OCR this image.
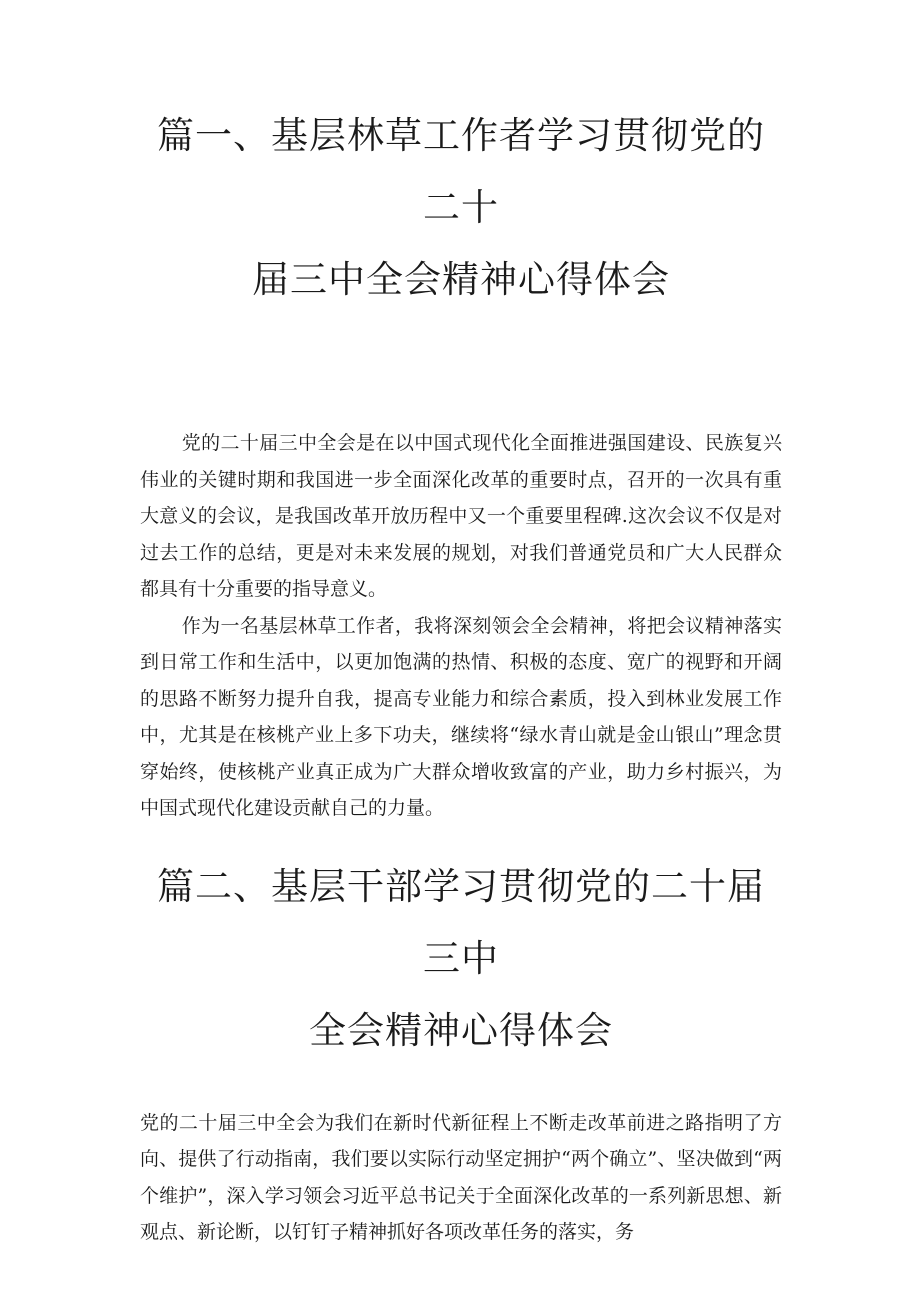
篇一、基层林草工作者学习贯彻党的二十
届三中全会精神心得体会

党的二十届三中全会是在以中国式现代化全面推进强国建设、民族复兴伟业的关键时期和我国进一步全面深化改革的重要时点，召开的一次具有重大意义的会议，是我国改革开放历程中又一个重要里程碑.这次会议不仅是对过去工作的总结，更是对未来发展的规划，对我们普通党员和广大人民群众都具有十分重要的指导意义。

作为一名基层林草工作者，我将深刻领会全会精神，将把会议精神落实到日常工作和生活中，以更加饱满的热情、积极的态度、宽广的视野和开阔的思路不断努力提升自我，提高专业能力和综合素质，投入到林业发展工作中，尤其是在核桃产业上多下功夫，继续将“绿水青山就是金山银山”理念贯穿始终，使核桃产业真正成为广大群众增收致富的产业，助力乡村振兴，为中国式现代化建设贡献自己的力量。

篇二、基层干部学习贯彻党的二十届三中
全会精神心得体会

党的二十届三中全会为我们在新时代新征程上不断走改革前进之路指明了方向、提供了行动指南，我们要以实际行动坚定拥护“两个确立”、坚决做到“两个维护”，深入学习领会习近平总书记关于全面深化改革的一系列新思想、新观点、新论断，以钉钉子精神抓好各项改革任务的落实，务
